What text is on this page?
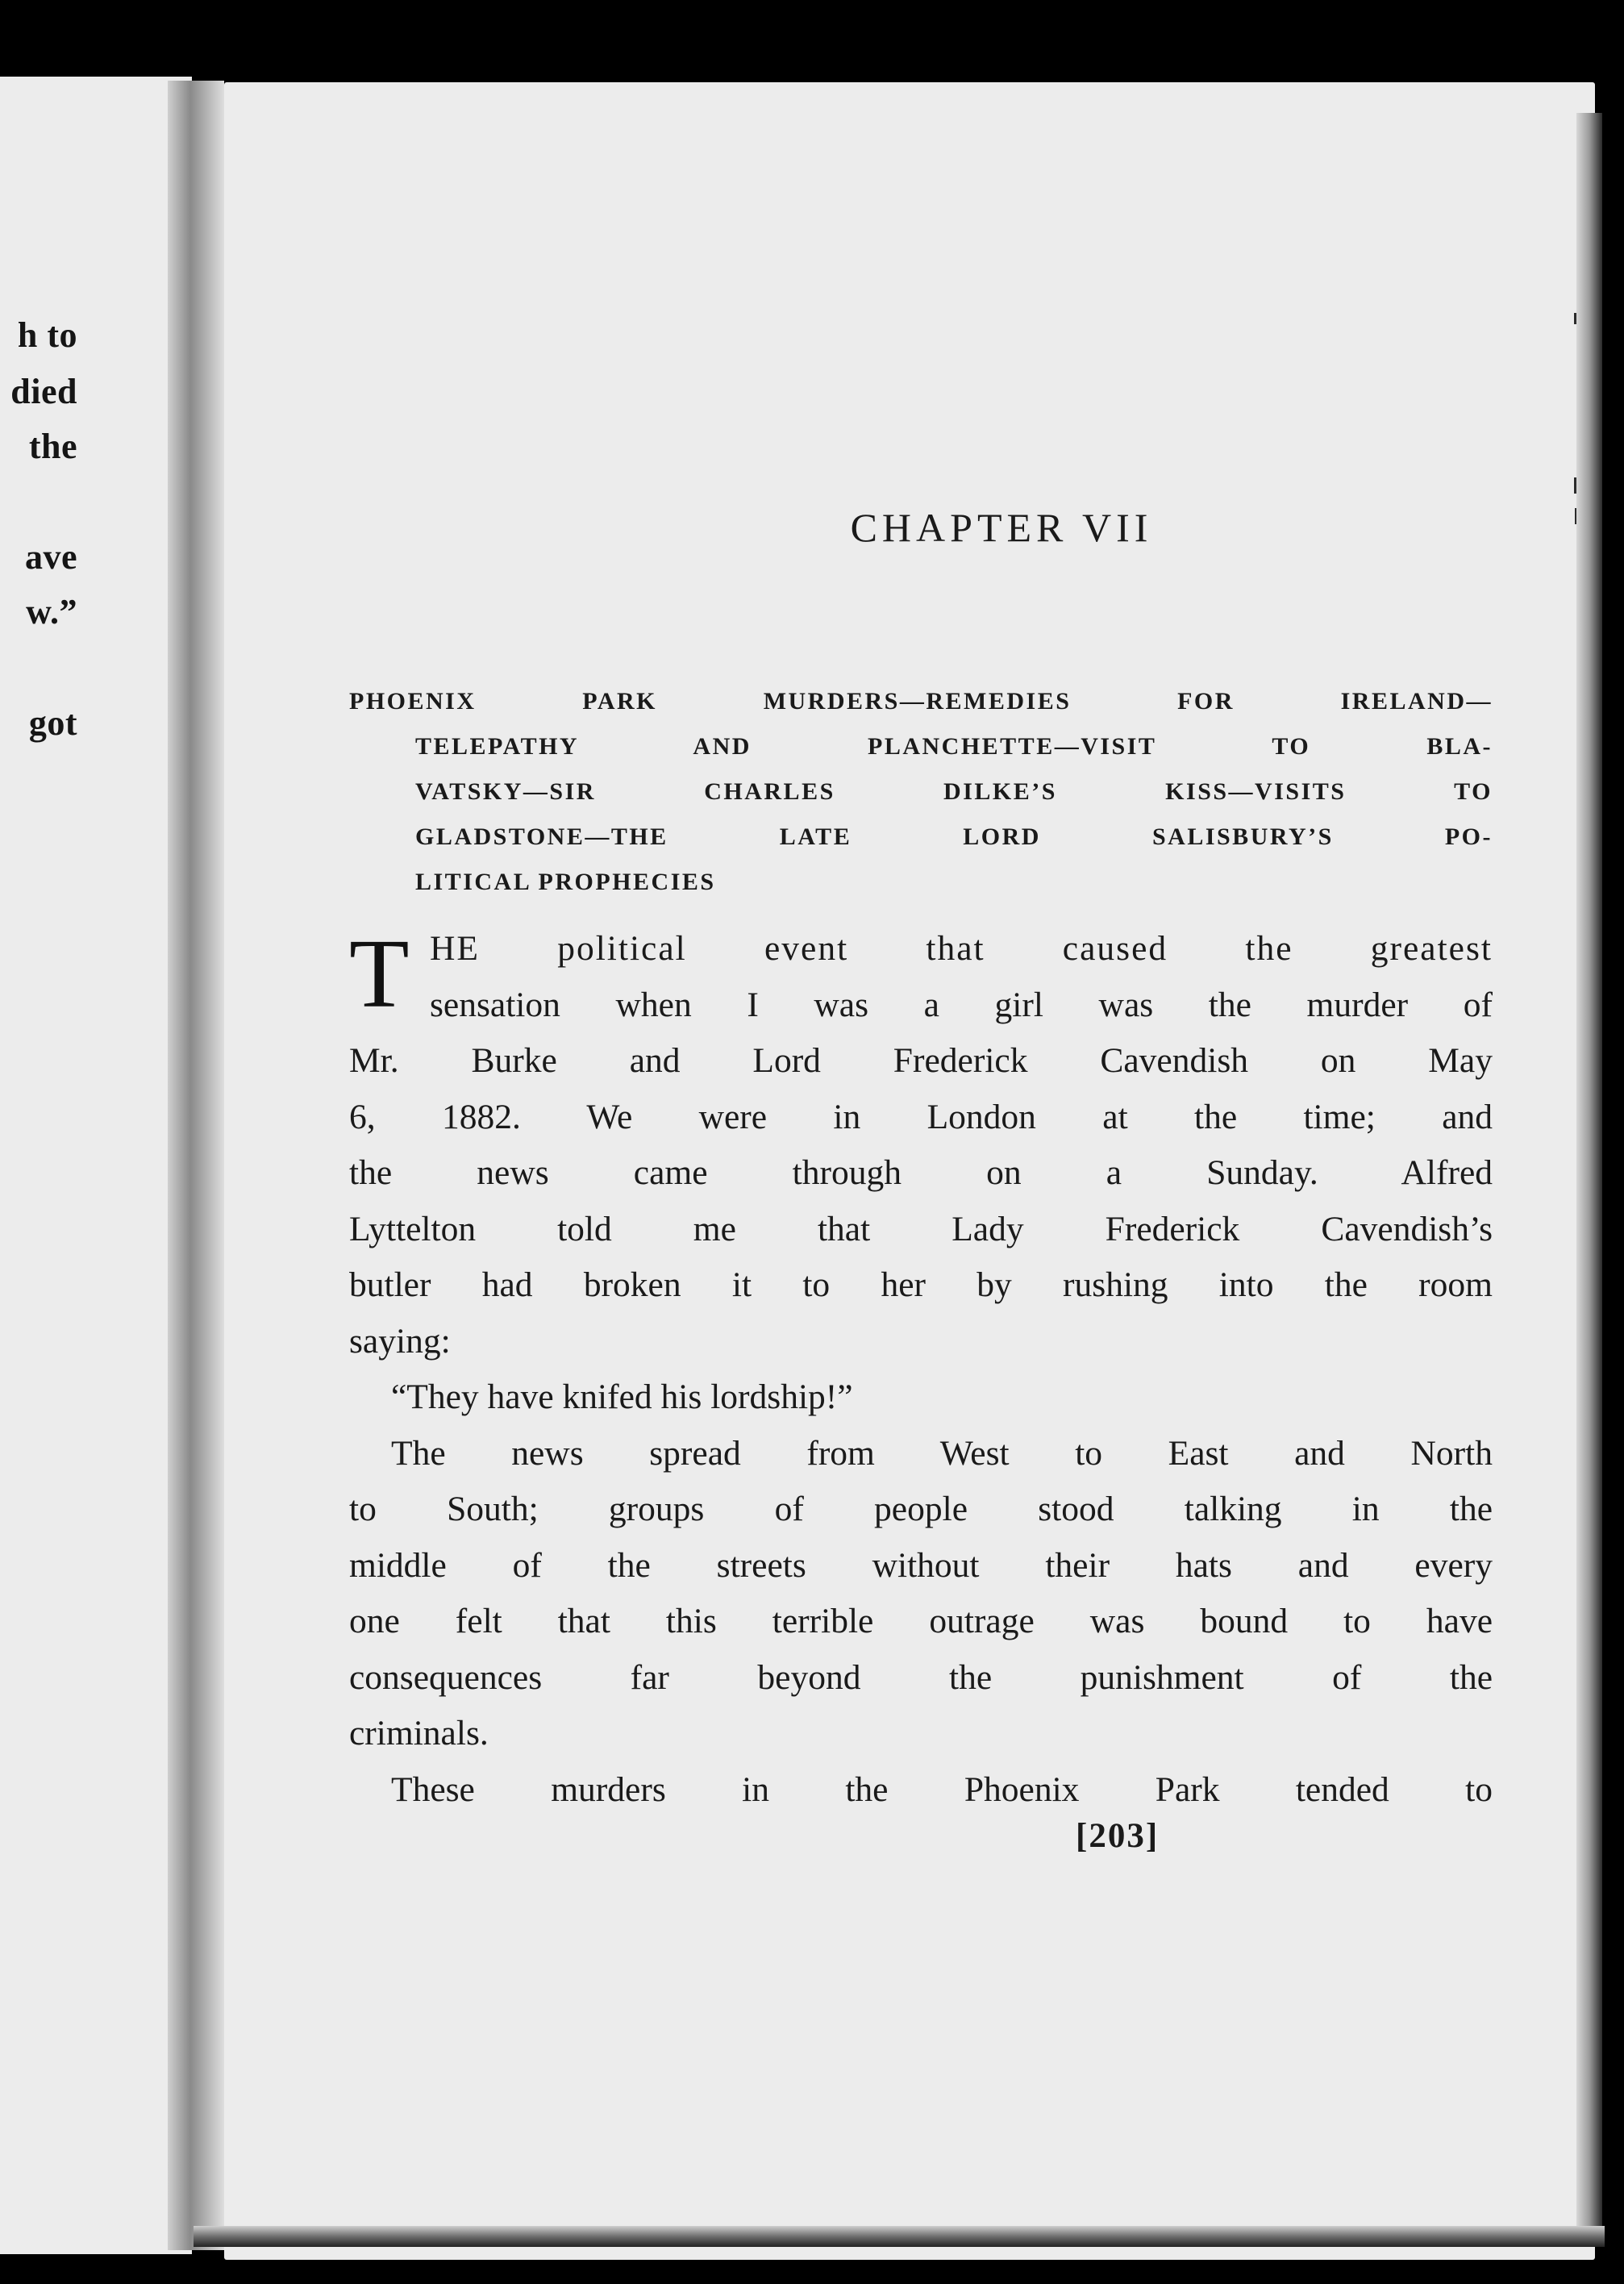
h to
died
the
ave
w.”
got
CHAPTER VII
PHOENIX PARK MURDERS—REMEDIES FOR IRELAND—
TELEPATHY AND PLANCHETTE—VISIT TO BLA-
VATSKY—SIR CHARLES DILKE’S KISS—VISITS TO
GLADSTONE—THE LATE LORD SALISBURY’S PO-
LITICAL PROPHECIES
T HE political event that caused the greatest
sensation when I was a girl was the murder of
Mr. Burke and Lord Frederick Cavendish on May
6, 1882. We were in London at the time; and
the news came through on a Sunday. Alfred
Lyttelton told me that Lady Frederick Cavendish’s
butler had broken it to her by rushing into the room
saying:
“They have knifed his lordship!”
The news spread from West to East and North
to South; groups of people stood talking in the
middle of the streets without their hats and every
one felt that this terrible outrage was bound to have
consequences far beyond the punishment of the
criminals.
These murders in the Phoenix Park tended to
[203]
